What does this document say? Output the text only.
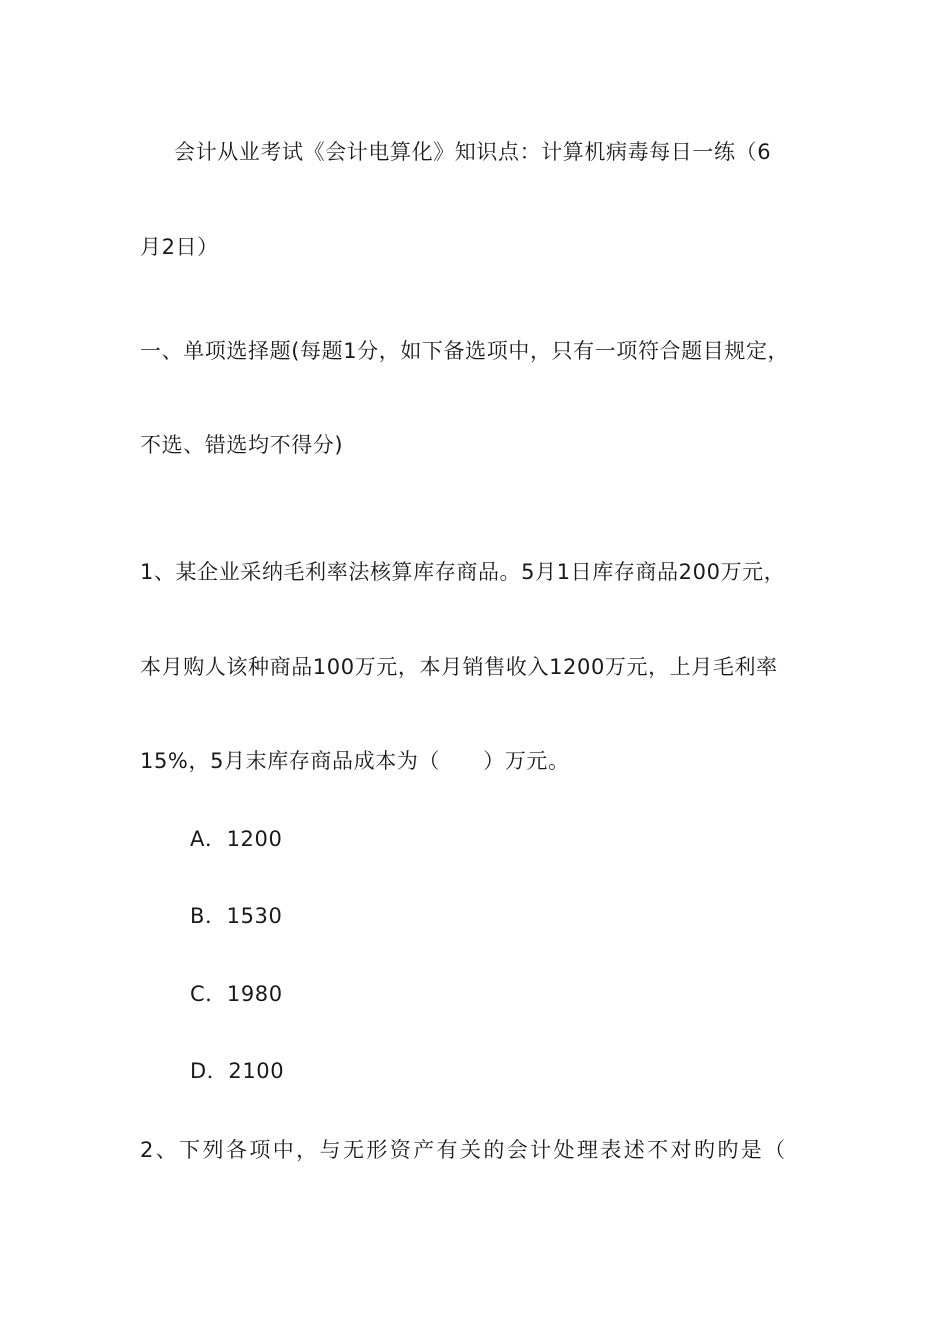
会计从业考试《会计电算化》知识点：计算机病毒每日一练（6
月2日）
一、单项选择题(每题1分，如下备选项中，只有一项符合题目规定，
不选、错选均不得分)
1、某企业采纳毛利率法核算库存商品。5月1日库存商品200万元，
本月购人该种商品100万元，本月销售收入1200万元，上月毛利率
15%，5月末库存商品成本为（　　）万元。
A．1200
B．1530
C．1980
D．2100
2、下列各项中，与无形资产有关的会计处理表述不对旳旳是（
